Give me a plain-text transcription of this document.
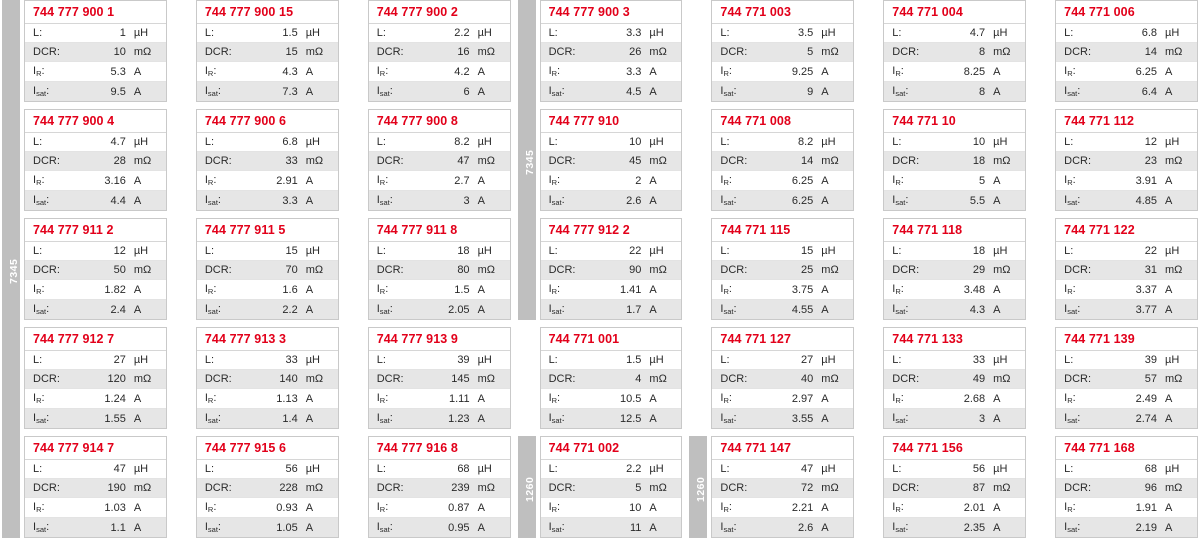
744 777 900 1
L:	1 µH
DCR:	10 mΩ
$I_R$:	5.3 A
$I_{sat}$:	9.5 A
744 777 900 4
L:	4.7 µH
DCR:	28 mΩ
$I_R$:	3.16 A
$I_{sat}$:	4.4 A
744 777 911 2
L:	12 µH
DCR:	50 mΩ
$I_R$:	1.82 A
$I_{sat}$:	2.4 A
744 777 912 7
L:	27 µH
DCR:	120 mΩ
$I_R$:	1.24 A
$I_{sat}$:	1.55 A
744 777 914 7
L:	47 µH
DCR:	190 mΩ
$I_R$:	1.03 A
$I_{sat}$:	1.1 A
7345
744 777 900 15
L:	1.5 µH
DCR:	15 mΩ
$I_R$:	4.3 A
$I_{sat}$:	7.3 A
744 777 900 6
L:	6.8 µH
DCR:	33 mΩ
$I_R$:	2.91 A
$I_{sat}$:	3.3 A
744 777 911 5
L:	15 µH
DCR:	70 mΩ
$I_R$:	1.6 A
$I_{sat}$:	2.2 A
744 777 913 3
L:	33 µH
DCR:	140 mΩ
$I_R$:	1.13 A
$I_{sat}$:	1.4 A
744 777 915 6
L:	56 µH
DCR:	228 mΩ
$I_R$:	0.93 A
$I_{sat}$:	1.05 A
744 777 900 2
L:	2.2 µH
DCR:	16 mΩ
$I_R$:	4.2 A
$I_{sat}$:	6 A
744 777 900 8
L:	8.2 µH
DCR:	47 mΩ
$I_R$:	2.7 A
$I_{sat}$:	3 A
744 777 911 8
L:	18 µH
DCR:	80 mΩ
$I_R$:	1.5 A
$I_{sat}$:	2.05 A
744 777 913 9
L:	39 µH
DCR:	145 mΩ
$I_R$:	1.11 A
$I_{sat}$:	1.23 A
744 777 916 8
L:	68 µH
DCR:	239 mΩ
$I_R$:	0.87 A
$I_{sat}$:	0.95 A
744 777 900 3
L:	3.3 µH
DCR:	26 mΩ
$I_R$:	3.3 A
$I_{sat}$:	4.5 A
744 777 910
L:	10 µH
DCR:	45 mΩ
$I_R$:	2 A
$I_{sat}$:	2.6 A
744 777 912 2
L:	22 µH
DCR:	90 mΩ
$I_R$:	1.41 A
$I_{sat}$:	1.7 A
744 771 001
L:	1.5 µH
DCR:	4 mΩ
$I_R$:	10.5 A
$I_{sat}$:	12.5 A
744 771 002
L:	2.2 µH
DCR:	5 mΩ
$I_R$:	10 A
$I_{sat}$:	11 A
7345
1260
744 771 003
L:	3.5 µH
DCR:	5 mΩ
$I_R$:	9.25 A
$I_{sat}$:	9 A
744 771 008
L:	8.2 µH
DCR:	14 mΩ
$I_R$:	6.25 A
$I_{sat}$:	6.25 A
744 771 115
L:	15 µH
DCR:	25 mΩ
$I_R$:	3.75 A
$I_{sat}$:	4.55 A
744 771 127
L:	27 µH
DCR:	40 mΩ
$I_R$:	2.97 A
$I_{sat}$:	3.55 A
744 771 147
L:	47 µH
DCR:	72 mΩ
$I_R$:	2.21 A
$I_{sat}$:	2.6 A
1260
744 771 004
L:	4.7 µH
DCR:	8 mΩ
$I_R$:	8.25 A
$I_{sat}$:	8 A
744 771 10
L:	10 µH
DCR:	18 mΩ
$I_R$:	5 A
$I_{sat}$:	5.5 A
744 771 118
L:	18 µH
DCR:	29 mΩ
$I_R$:	3.48 A
$I_{sat}$:	4.3 A
744 771 133
L:	33 µH
DCR:	49 mΩ
$I_R$:	2.68 A
$I_{sat}$:	3 A
744 771 156
L:	56 µH
DCR:	87 mΩ
$I_R$:	2.01 A
$I_{sat}$:	2.35 A
744 771 006
L:	6.8 µH
DCR:	14 mΩ
$I_R$:	6.25 A
$I_{sat}$:	6.4 A
744 771 112
L:	12 µH
DCR:	23 mΩ
$I_R$:	3.91 A
$I_{sat}$:	4.85 A
744 771 122
L:	22 µH
DCR:	31 mΩ
$I_R$:	3.37 A
$I_{sat}$:	3.77 A
744 771 139
L:	39 µH
DCR:	57 mΩ
$I_R$:	2.49 A
$I_{sat}$:	2.74 A
744 771 168
L:	68 µH
DCR:	96 mΩ
$I_R$:	1.91 A
$I_{sat}$:	2.19 A
